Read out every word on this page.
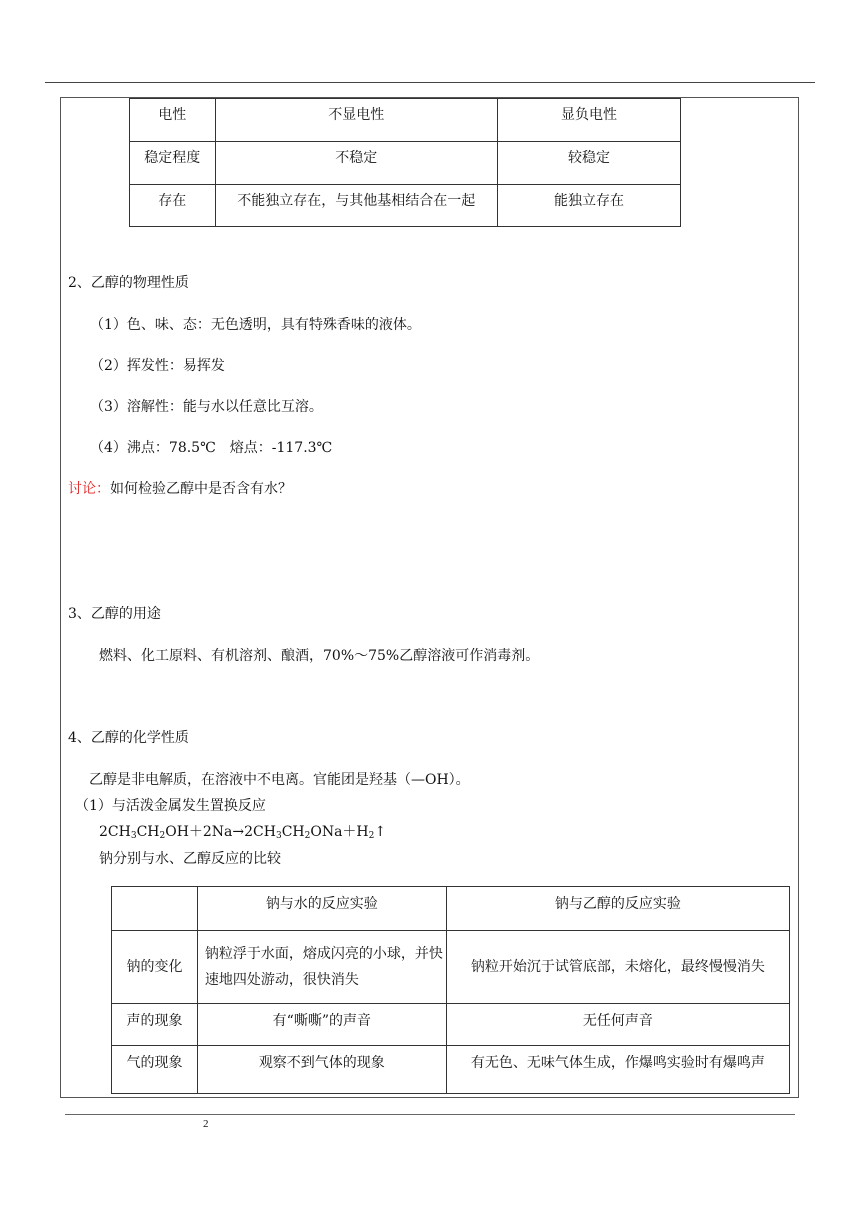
电性	不显电性	显负电性
稳定程度	不稳定	较稳定
存在	不能独立存在，与其他基相结合在一起	能独立存在
2、乙醇的物理性质
（1）色、味、态：无色透明，具有特殊香味的液体。
（2）挥发性：易挥发
（3）溶解性：能与水以任意比互溶。
（4）沸点：78.5℃　熔点：-117.3℃
讨论：如何检验乙醇中是否含有水？
3、乙醇的用途
燃料、化工原料、有机溶剂、酿酒，70%～75%乙醇溶液可作消毒剂。
4、乙醇的化学性质
乙醇是非电解质，在溶液中不电离。官能团是羟基（—OH）。
（1）与活泼金属发生置换反应
$2CH_3CH_2OH+2Na\to 2CH_3CH_2ONa+H_2↑$
钠分别与水、乙醇反应的比较
	钠与水的反应实验	钠与乙醇的反应实验
钠的变化	钠粒浮于水面，熔成闪亮的小球，并快速地四处游动，很快消失	钠粒开始沉于试管底部，未熔化，最终慢慢消失
声的现象	有“嘶嘶”的声音	无任何声音
气的现象	观察不到气体的现象	有无色、无味气体生成，作爆鸣实验时有爆鸣声
2
